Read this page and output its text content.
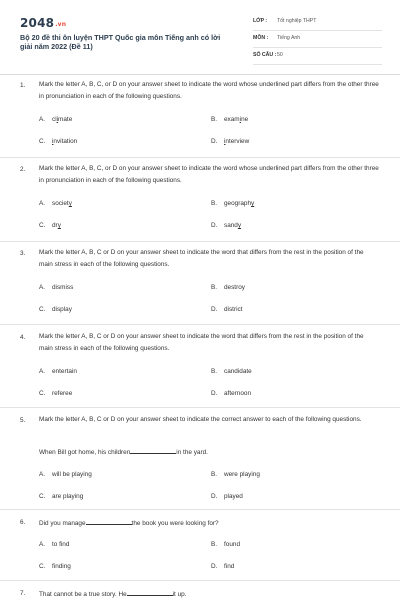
2048.vn
Bộ 20 đề thi ôn luyện THPT Quốc gia môn Tiếng anh có lời giải năm 2022 (Đề 11)
LỚP : Tốt nghiệp THPT
MÔN : Tiếng Anh
SỐ CÂU : 50
1. Mark the letter A, B, C, or D on your answer sheet to indicate the word whose underlined part differs from the other three in pronunciation in each of the following questions.
A. climate	B. examine
C. invitation	D. interview
2. Mark the letter A, B, C, or D on your answer sheet to indicate the word whose underlined part differs from the other three in pronunciation in each of the following questions.
A. society	B. geography
C. dry	D. sandy
3. Mark the letter A, B, C or D on your answer sheet to indicate the word that differs from the rest in the position of the main stress in each of the following questions.
A. dismiss	B. destroy
C. display	D. district
4. Mark the letter A, B, C or D on your answer sheet to indicate the word that differs from the rest in the position of the main stress in each of the following questions.
A. entertain	B. candidate
C. referee	D. afternoon
5. Mark the letter A, B, C or D on your answer sheet to indicate the correct answer to each of the following questions.
When Bill got home, his children	in the yard.
A. will be playing	B. were playing
C. are playing	D. played
6. Did you manage	the book you were looking for?
A. to find	B. found
C. finding	D. find
7. That cannot be a true story. He	it up.
